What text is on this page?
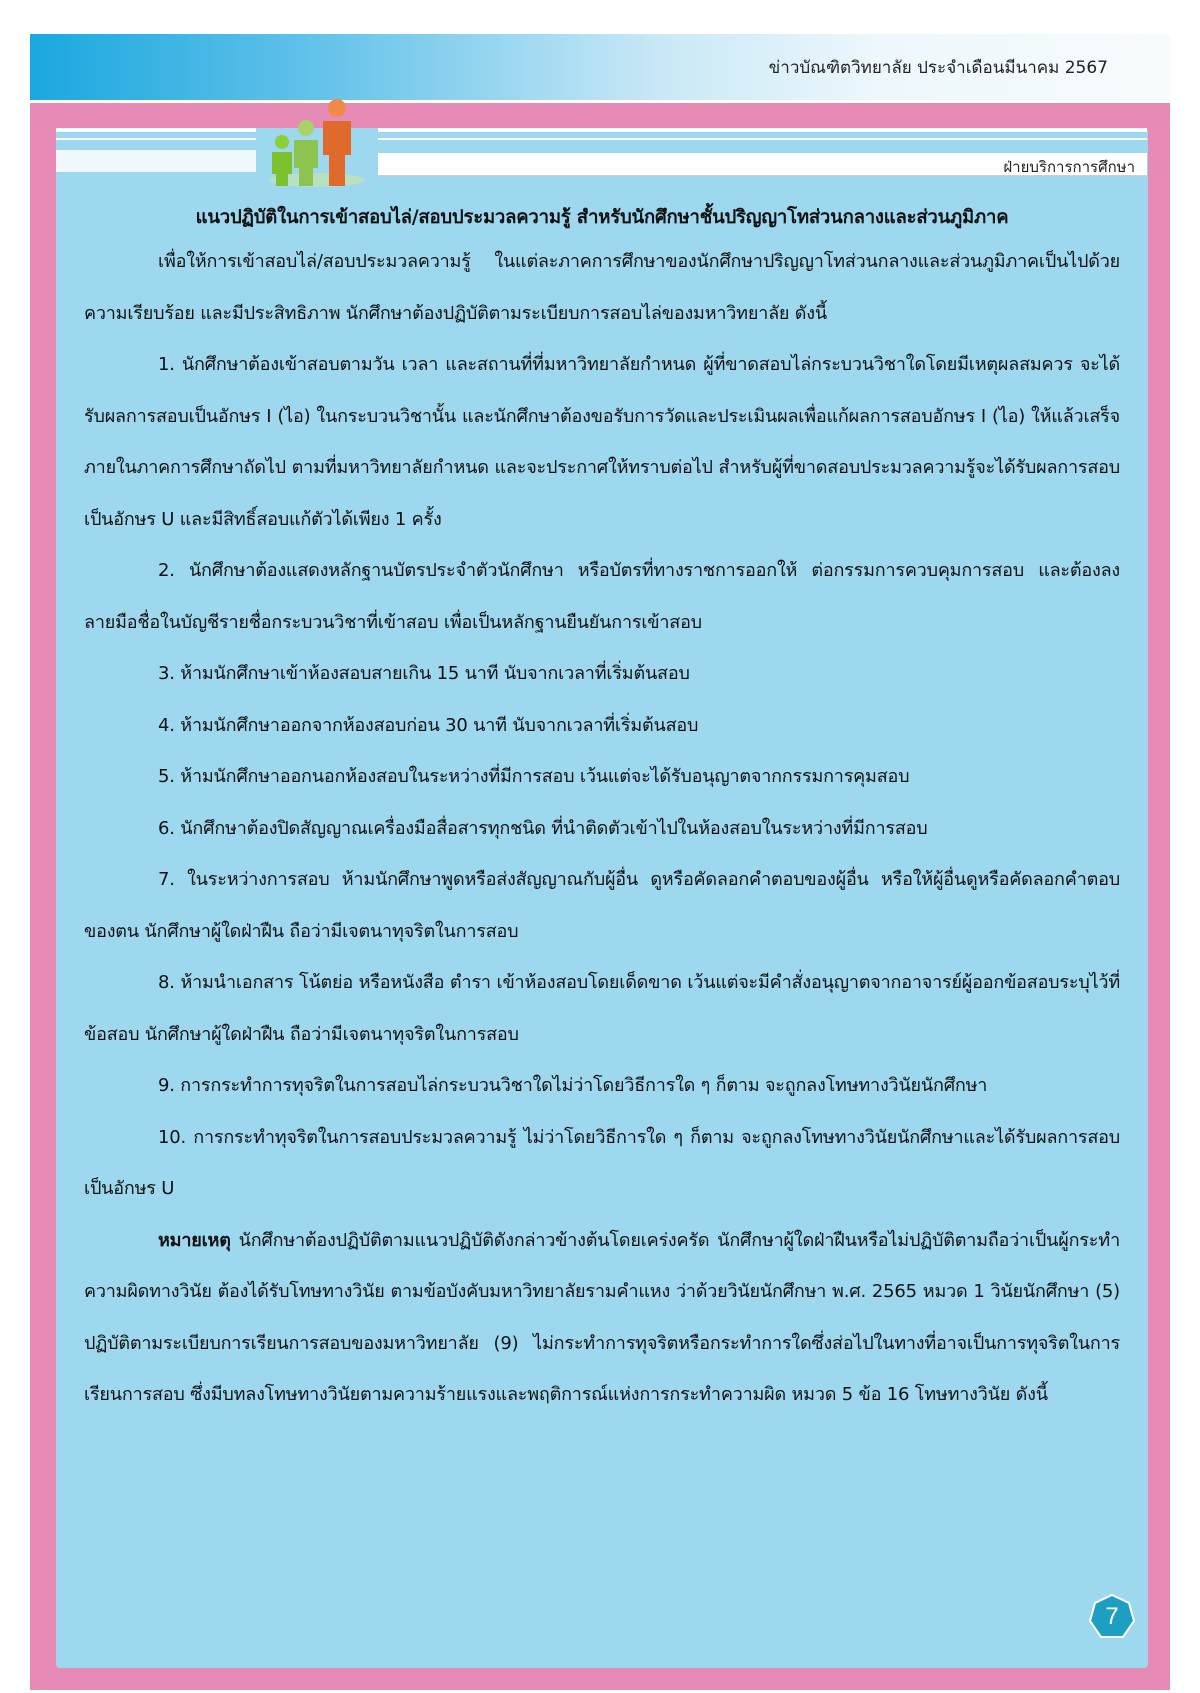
ข่าวบัณฑิตวิทยาลัย ประจำเดือนมีนาคม 2567
ฝ่ายบริการการศึกษา

แนวปฏิบัติในการเข้าสอบไล่/สอบประมวลความรู้ สำหรับนักศึกษาชั้นปริญญาโทส่วนกลางและส่วนภูมิภาค

เพื่อให้การเข้าสอบไล่/สอบประมวลความรู้ ในแต่ละภาคการศึกษาของนักศึกษาปริญญาโทส่วนกลางและส่วนภูมิภาคเป็นไปด้วยความเรียบร้อย และมีประสิทธิภาพ นักศึกษาต้องปฏิบัติตามระเบียบการสอบไล่ของมหาวิทยาลัย ดังนี้

1. นักศึกษาต้องเข้าสอบตามวัน เวลา และสถานที่ที่มหาวิทยาลัยกำหนด ผู้ที่ขาดสอบไล่กระบวนวิชาใดโดยมีเหตุผลสมควร จะได้รับผลการสอบเป็นอักษร I (ไอ) ในกระบวนวิชานั้น และนักศึกษาต้องขอรับการวัดและประเมินผลเพื่อแก้ผลการสอบอักษร I (ไอ) ให้แล้วเสร็จภายในภาคการศึกษาถัดไป ตามที่มหาวิทยาลัยกำหนด และจะประกาศให้ทราบต่อไป สำหรับผู้ที่ขาดสอบประมวลความรู้จะได้รับผลการสอบเป็นอักษร U และมีสิทธิ์สอบแก้ตัวได้เพียง 1 ครั้ง

2. นักศึกษาต้องแสดงหลักฐานบัตรประจำตัวนักศึกษา หรือบัตรที่ทางราชการออกให้ ต่อกรรมการควบคุมการสอบ และต้องลงลายมือชื่อในบัญชีรายชื่อกระบวนวิชาที่เข้าสอบ เพื่อเป็นหลักฐานยืนยันการเข้าสอบ

3. ห้ามนักศึกษาเข้าห้องสอบสายเกิน 15 นาที นับจากเวลาที่เริ่มต้นสอบ

4. ห้ามนักศึกษาออกจากห้องสอบก่อน 30 นาที นับจากเวลาที่เริ่มต้นสอบ

5. ห้ามนักศึกษาออกนอกห้องสอบในระหว่างที่มีการสอบ เว้นแต่จะได้รับอนุญาตจากกรรมการคุมสอบ

6. นักศึกษาต้องปิดสัญญาณเครื่องมือสื่อสารทุกชนิด ที่นำติดตัวเข้าไปในห้องสอบในระหว่างที่มีการสอบ

7. ในระหว่างการสอบ ห้ามนักศึกษาพูดหรือส่งสัญญาณกับผู้อื่น ดูหรือคัดลอกคำตอบของผู้อื่น หรือให้ผู้อื่นดูหรือคัดลอกคำตอบของตน นักศึกษาผู้ใดฝ่าฝืน ถือว่ามีเจตนาทุจริตในการสอบ

8. ห้ามนำเอกสาร โน้ตย่อ หรือหนังสือ ตำรา เข้าห้องสอบโดยเด็ดขาด เว้นแต่จะมีคำสั่งอนุญาตจากอาจารย์ผู้ออกข้อสอบระบุไว้ที่ข้อสอบ นักศึกษาผู้ใดฝ่าฝืน ถือว่ามีเจตนาทุจริตในการสอบ

9. การกระทำการทุจริตในการสอบไล่กระบวนวิชาใดไม่ว่าโดยวิธีการใด ๆ ก็ตาม จะถูกลงโทษทางวินัยนักศึกษา

10. การกระทำทุจริตในการสอบประมวลความรู้ ไม่ว่าโดยวิธีการใด ๆ ก็ตาม จะถูกลงโทษทางวินัยนักศึกษาและได้รับผลการสอบเป็นอักษร U

หมายเหตุ นักศึกษาต้องปฏิบัติตามแนวปฏิบัติดังกล่าวข้างต้นโดยเคร่งครัด นักศึกษาผู้ใดฝ่าฝืนหรือไม่ปฏิบัติตามถือว่าเป็นผู้กระทำความผิดทางวินัย ต้องได้รับโทษทางวินัย ตามข้อบังคับมหาวิทยาลัยรามคำแหง ว่าด้วยวินัยนักศึกษา พ.ศ. 2565 หมวด 1 วินัยนักศึกษา (5) ปฏิบัติตามระเบียบการเรียนการสอบของมหาวิทยาลัย (9) ไม่กระทำการทุจริตหรือกระทำการใดซึ่งส่อไปในทางที่อาจเป็นการทุจริตในการเรียนการสอบ ซึ่งมีบทลงโทษทางวินัยตามความร้ายแรงและพฤติการณ์แห่งการกระทำความผิด หมวด 5 ข้อ 16 โทษทางวินัย ดังนี้

7
